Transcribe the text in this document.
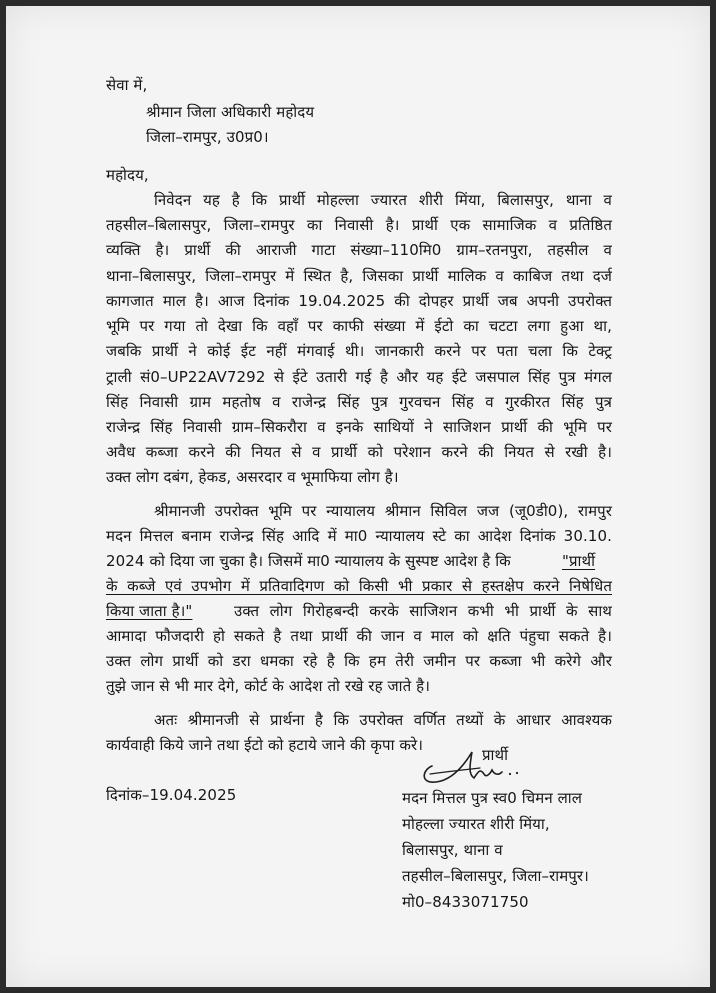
सेवा में,
श्रीमान जिला अधिकारी महोदय
जिला–रामपुर, उ0प्र0।
महोदय,
निवेदन यह है कि प्रार्थी मोहल्ला ज्यारत शीरी मिंया, बिलासपुर, थाना व
तहसील–बिलासपुर, जिला–रामपुर का निवासी है। प्रार्थी एक सामाजिक व प्रतिष्ठित
व्यक्ति है। प्रार्थी की आराजी गाटा संख्या–110मि0 ग्राम–रतनपुरा, तहसील व
थाना–बिलासपुर, जिला–रामपुर में स्थित है, जिसका प्रार्थी मालिक व काबिज तथा दर्ज
कागजात माल है। आज दिनांक 19.04.2025 की दोपहर प्रार्थी जब अपनी उपरोक्त
भूमि पर गया तो देखा कि वहाँ पर काफी संख्या में ईटो का चटटा लगा हुआ था,
जबकि प्रार्थी ने कोई ईट नहीं मंगवाई थी। जानकारी करने पर पता चला कि टेक्ट्र
ट्राली सं0–UP22AV7292 से ईटे उतारी गई है और यह ईटे जसपाल सिंह पुत्र मंगल
सिंह निवासी ग्राम महतोष व राजेन्द्र सिंह पुत्र गुरवचन सिंह व गुरकीरत सिंह पुत्र
राजेन्द्र सिंह निवासी ग्राम–सिकरौरा व इनके साथियों ने साजिशन प्रार्थी की भूमि पर
अवैध कब्जा करने की नियत से व प्रार्थी को परेशान करने की नियत से रखी है।
उक्त लोग दबंग, हेकड, असरदार व भूमाफिया लोग है।
श्रीमानजी उपरोक्त भूमि पर न्यायालय श्रीमान सिविल जज (जू0डी0), रामपुर
मदन मित्तल बनाम राजेन्द्र सिंह आदि में मा0 न्यायालय स्टे का आदेश दिनांक 30.10.
2024 को दिया जा चुका है। जिसमें मा0 न्यायालय के सुस्पष्ट आदेश है कि	"प्रार्थी
के कब्जे एवं उपभोग में प्रतिवादिगण को किसी भी प्रकार से हस्तक्षेप करने निषेधित
किया जाता है।"	उक्त लोग गिरोहबन्दी करके साजिशन कभी भी प्रार्थी के साथ
आमादा फौजदारी हो सकते है तथा प्रार्थी की जान व माल को क्षति पंहुचा सकते है।
उक्त लोग प्रार्थी को डरा धमका रहे है कि हम तेरी जमीन पर कब्जा भी करेगे और
तुझे जान से भी मार देगे, कोर्ट के आदेश तो रखे रह जाते है।
अतः श्रीमानजी से प्रार्थना है कि उपरोक्त वर्णित तथ्यों के आधार आवश्यक
कार्यवाही किये जाने तथा ईटो को हटाये जाने की कृपा करे।
दिनांक–19.04.2025
प्रार्थी
मदन मित्तल पुत्र स्व0 चिमन लाल
मोहल्ला ज्यारत शीरी मिंया,
बिलासपुर, थाना व
तहसील–बिलासपुर, जिला–रामपुर।
मो0–8433071750
